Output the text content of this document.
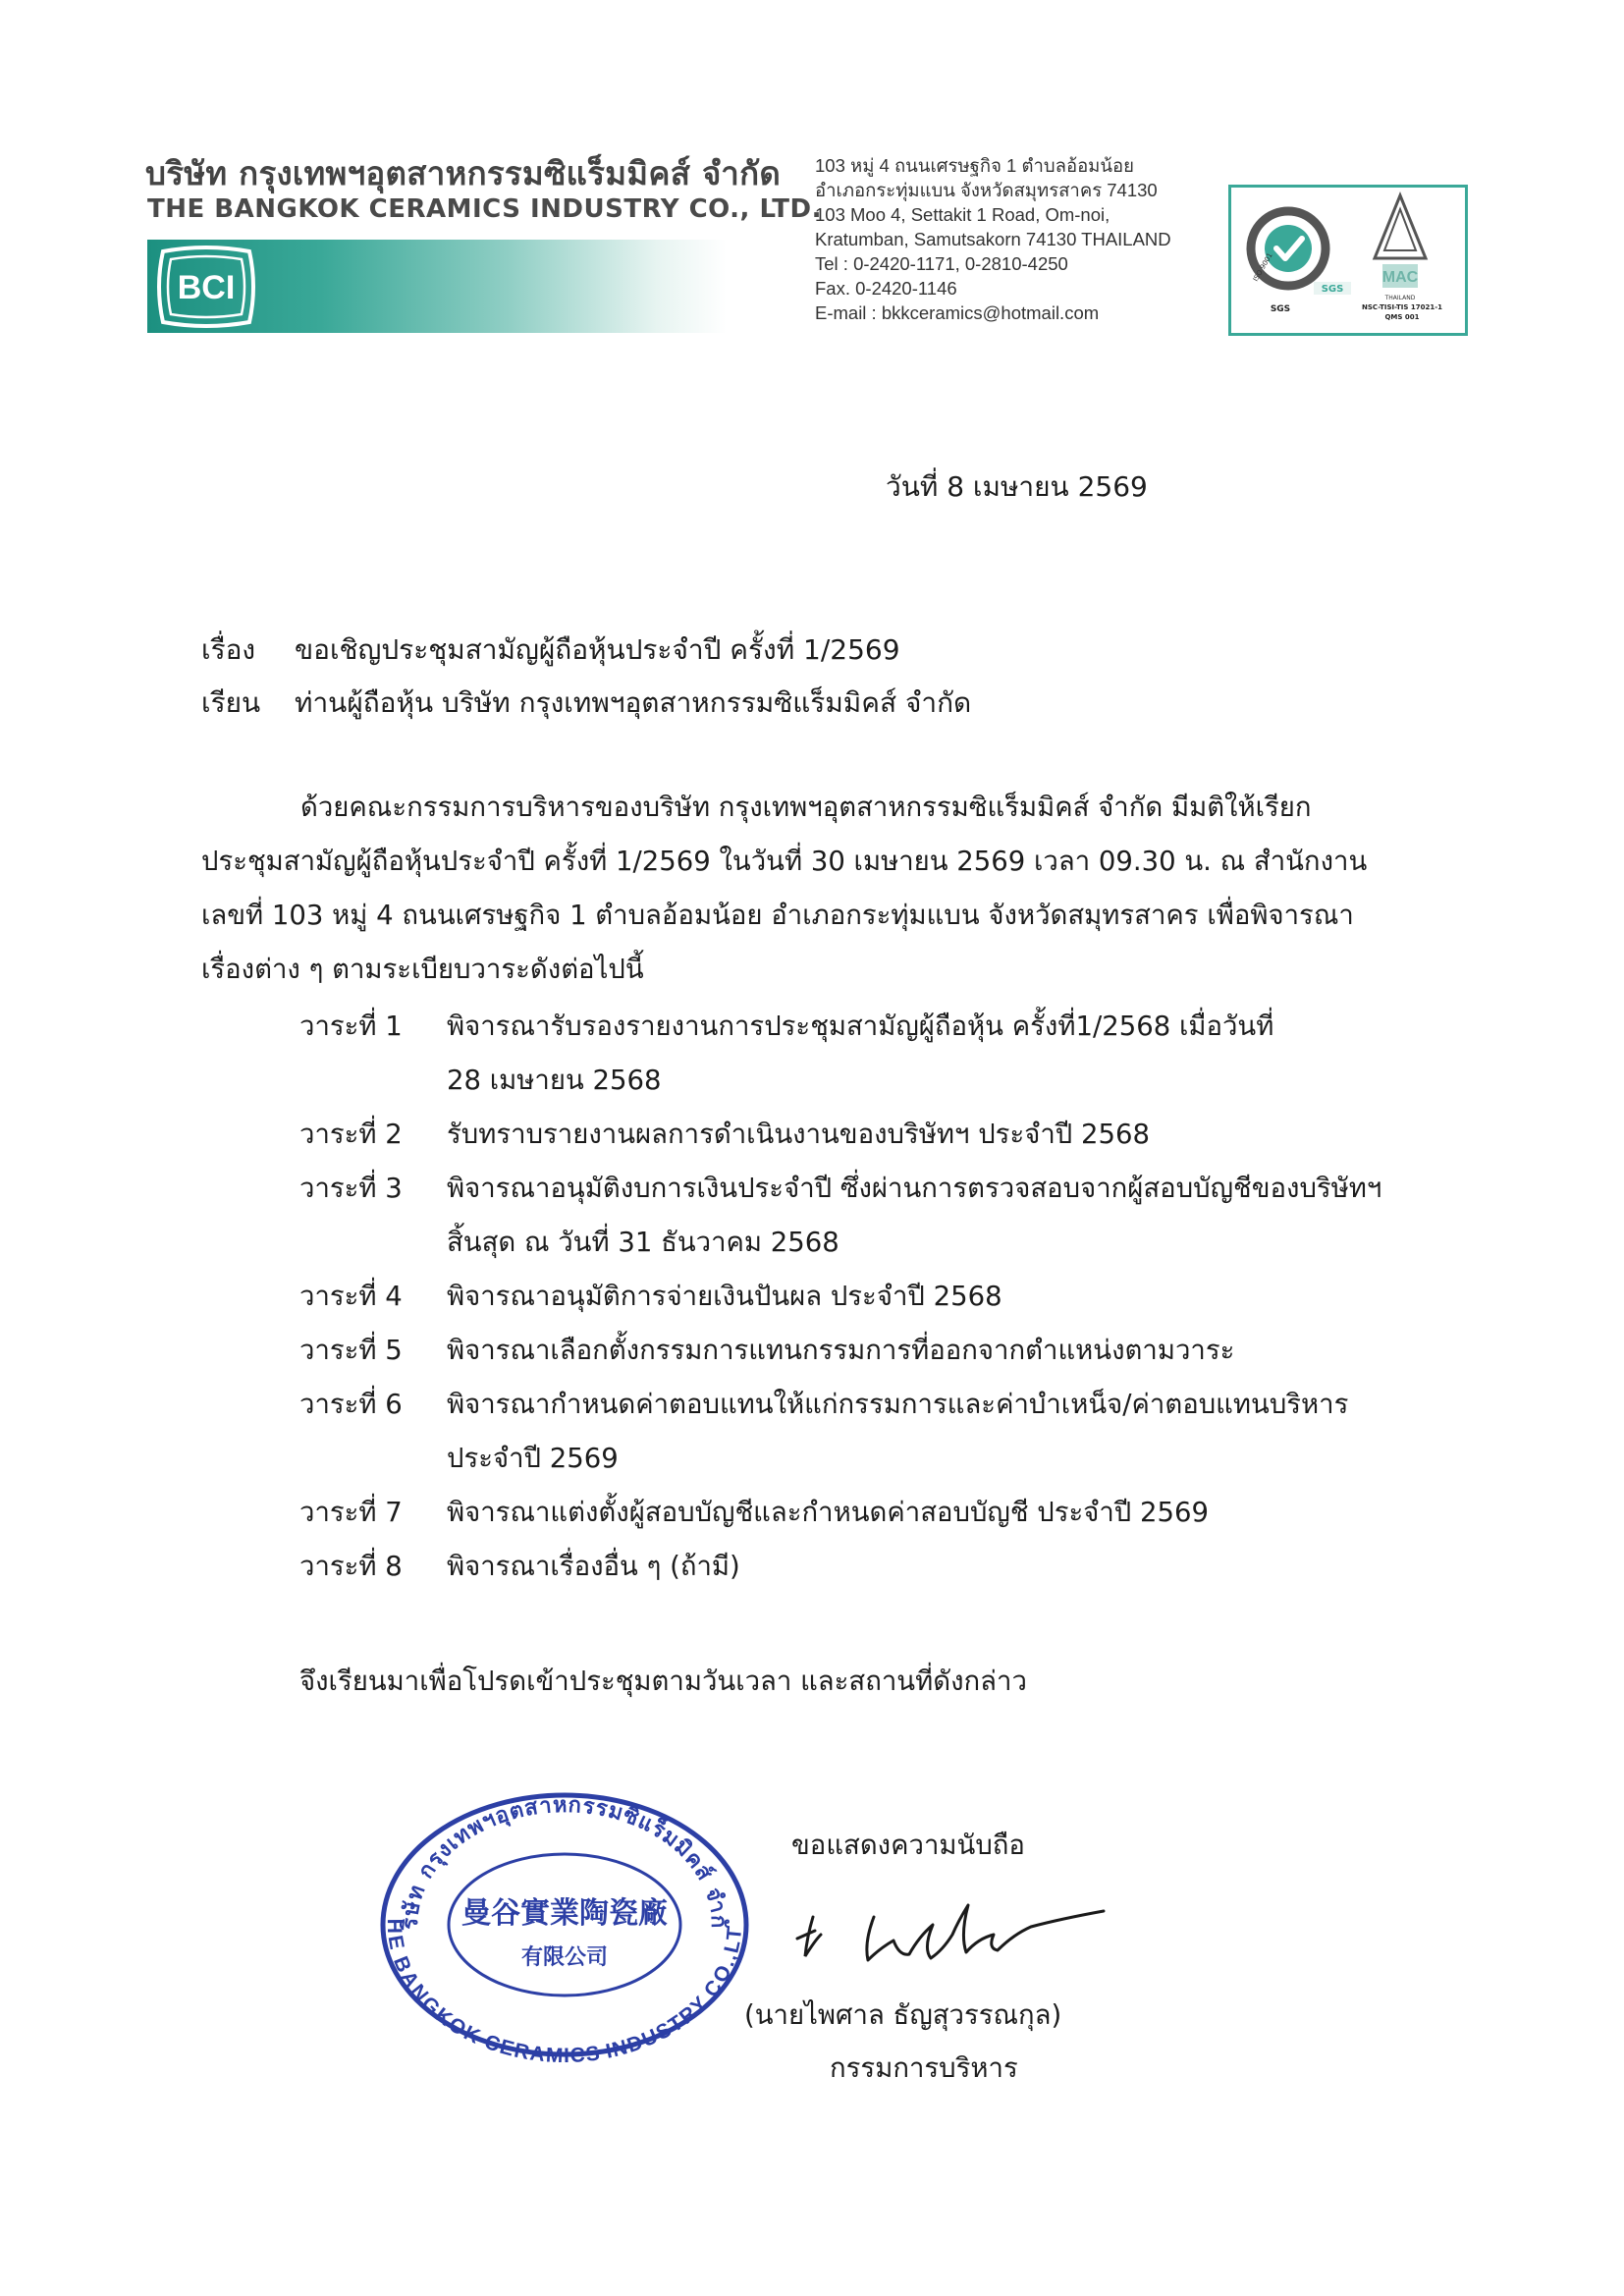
บริษัท กรุงเทพฯอุตสาหกรรมซิแร็มมิคส์ จำกัด
THE BANGKOK CERAMICS INDUSTRY CO., LTD.
BCI
103 หมู่ 4 ถนนเศรษฐกิจ 1 ตำบลอ้อมน้อย
อำเภอกระทุ่มแบน จังหวัดสมุทรสาคร 74130
103 Moo 4, Settakit 1 Road, Om-noi,
Kratumban, Samutsakorn 74130 THAILAND
Tel : 0-2420-1171, 0-2810-4250
Fax. 0-2420-1146
E-mail : bkkceramics@hotmail.com
ISO 9001
SGS
SGS
MAC
THAILAND
NSC-TISI-TIS 17021-1
QMS 001
วันที่ 8 เมษายน 2569
เรื่อง ขอเชิญประชุมสามัญผู้ถือหุ้นประจำปี ครั้งที่ 1/2569
เรียน ท่านผู้ถือหุ้น บริษัท กรุงเทพฯอุตสาหกรรมซิแร็มมิคส์ จำกัด
ด้วยคณะกรรมการบริหารของบริษัท กรุงเทพฯอุตสาหกรรมซิแร็มมิคส์ จำกัด มีมติให้เรียก
ประชุมสามัญผู้ถือหุ้นประจำปี ครั้งที่ 1/2569 ในวันที่ 30 เมษายน 2569 เวลา 09.30 น. ณ สำนักงาน
เลขที่ 103 หมู่ 4 ถนนเศรษฐกิจ 1 ตำบลอ้อมน้อย อำเภอกระทุ่มแบน จังหวัดสมุทรสาคร เพื่อพิจารณา
เรื่องต่าง ๆ ตามระเบียบวาระดังต่อไปนี้
วาระที่ 1 พิจารณารับรองรายงานการประชุมสามัญผู้ถือหุ้น ครั้งที่1/2568 เมื่อวันที่
28 เมษายน 2568
วาระที่ 2 รับทราบรายงานผลการดำเนินงานของบริษัทฯ ประจำปี 2568
วาระที่ 3 พิจารณาอนุมัติงบการเงินประจำปี ซึ่งผ่านการตรวจสอบจากผู้สอบบัญชีของบริษัทฯ
สิ้นสุด ณ วันที่ 31 ธันวาคม 2568
วาระที่ 4 พิจารณาอนุมัติการจ่ายเงินปันผล ประจำปี 2568
วาระที่ 5 พิจารณาเลือกตั้งกรรมการแทนกรรมการที่ออกจากตำแหน่งตามวาระ
วาระที่ 6 พิจารณากำหนดค่าตอบแทนให้แก่กรรมการและค่าบำเหน็จ/ค่าตอบแทนบริหาร
ประจำปี 2569
วาระที่ 7 พิจารณาแต่งตั้งผู้สอบบัญชีและกำหนดค่าสอบบัญชี ประจำปี 2569
วาระที่ 8 พิจารณาเรื่องอื่น ๆ (ถ้ามี)
จึงเรียนมาเพื่อโปรดเข้าประชุมตามวันเวลา และสถานที่ดังกล่าว
ริษัท กรุงเทพฯอุตสาหกรรมซิแร็มมิคส์ จำกั
HE BANGKOK CERAMICS INDUSTRY CO.,LT
曼谷實業陶瓷廠
有限公司
ขอแสดงความนับถือ
(นายไพศาล ธัญสุวรรณกุล)
กรรมการบริหาร
